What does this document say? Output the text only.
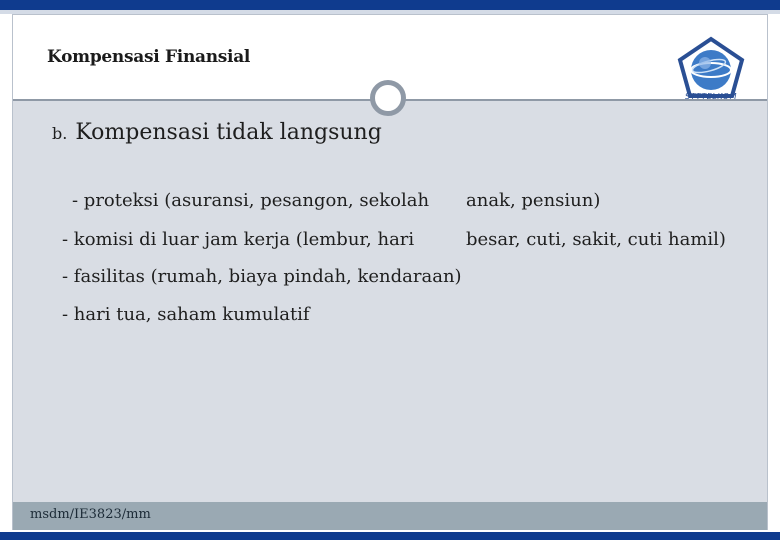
Kompensasi Finansial
STTTELKOM
b. Kompensasi tidak langsung
- proteksi (asuransi, pesangon, sekolah anak, pensiun)
- komisi di luar jam kerja (lembur, hari	besar, cuti, sakit, cuti hamil)
- fasilitas (rumah, biaya pindah, kendaraan)
- hari tua, saham kumulatif
msdm/IE3823/mm
